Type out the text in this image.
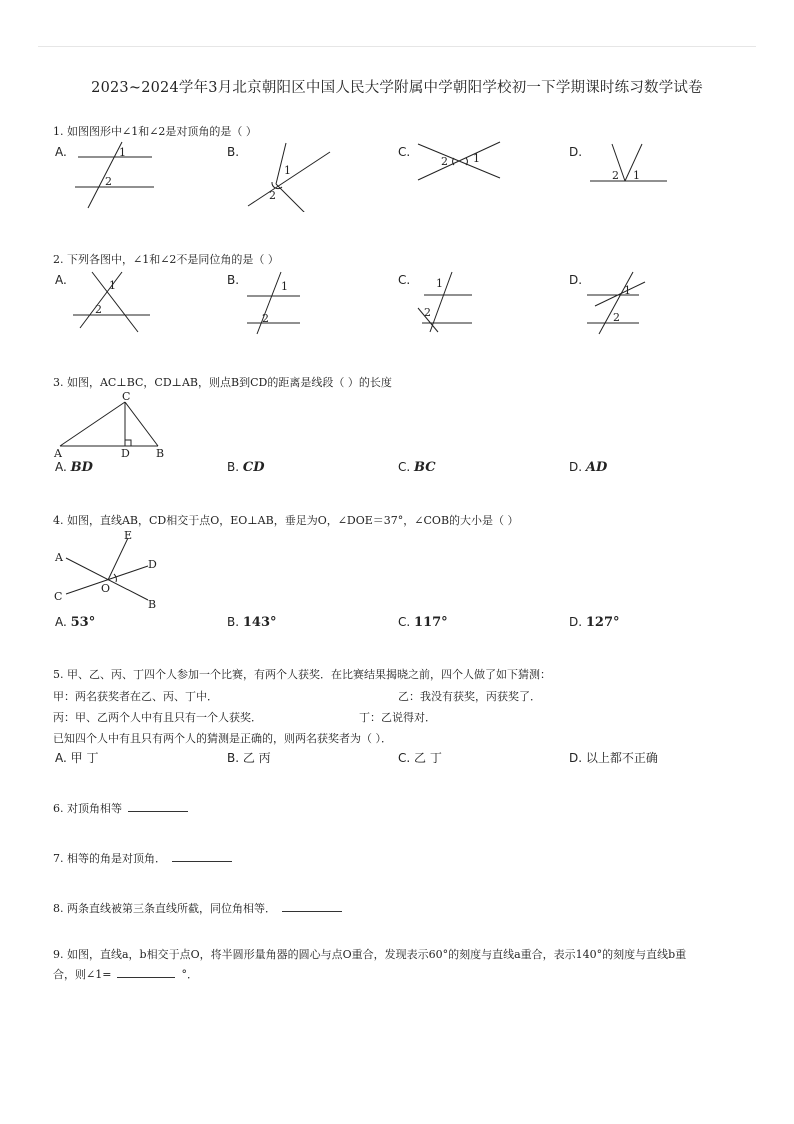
2023~2024学年3月北京朝阳区中国人民大学附属中学朝阳学校初一下学期课时练习数学试卷
1. 如图图形中∠1和∠2是对顶角的是（ ）
A.	B.	C.	D.
1
2
1
2
2 1
2 1
2. 下列各图中，∠1和∠2不是同位角的是（ ）
A.	B.	C.	D.
1
2
1
2
1
2
1
2
3. 如图，AC⊥BC，CD⊥AB，则点B到CD的距离是线段（ ）的长度
C
A	D B
A. BD	B. CD	C. BC	D. AD
4. 如图，直线AB，CD相交于点O，EO⊥AB，垂足为O，∠DOE＝37°，∠COB的大小是（ ）
E
A
D
O
C
B
A. 53°	B. 143°	C. 117°	D. 127°
5. 甲、乙、丙、丁四个人参加一个比赛，有两个人获奖．在比赛结果揭晓之前，四个人做了如下猜测：
甲：两名获奖者在乙、丙、丁中．	乙：我没有获奖，丙获奖了．
丙：甲、乙两个人中有且只有一个人获奖．	丁：乙说得对．
已知四个人中有且只有两个人的猜测是正确的，则两名获奖者为（ ）．
A. 甲 丁	B. 乙 丙	C. 乙 丁	D. 以上都不正确
6. 对顶角相等
7. 相等的角是对顶角．
8. 两条直线被第三条直线所截，同位角相等．
9. 如图，直线a，b相交于点O，将半圆形量角器的圆心与点O重合，发现表示60°的刻度与直线a重合，表示140°的刻度与直线b重
合，则∠1=	°．
